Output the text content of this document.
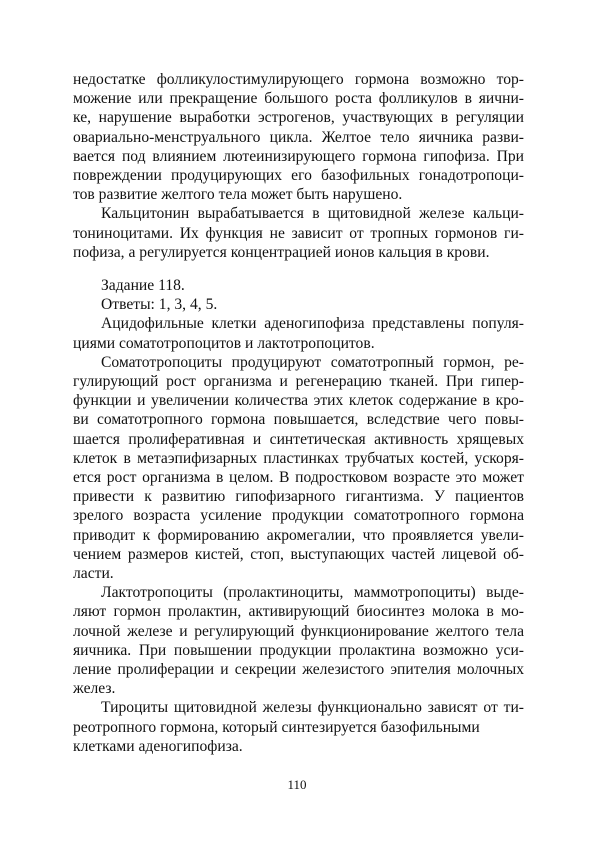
недостатке фолликулостимулирующего гормона возможно тор-
можение или прекращение большого роста фолликулов в яични-
ке, нарушение выработки эстрогенов, участвующих в регуляции
овариально-менструального цикла. Желтое тело яичника разви-
вается под влиянием лютеинизирующего гормона гипофиза. При
повреждении продуцирующих его базофильных гонадотропоци-
тов развитие желтого тела может быть нарушено.
Кальцитонин вырабатывается в щитовидной железе кальци-
тониноцитами. Их функция не зависит от тропных гормонов ги-
пофиза, а регулируется концентрацией ионов кальция в крови.
Задание 118.
Ответы: 1, 3, 4, 5.
Ацидофильные клетки аденогипофиза представлены популя-
циями соматотропоцитов и лактотропоцитов.
Соматотропоциты продуцируют соматотропный гормон, ре-
гулирующий рост организма и регенерацию тканей. При гипер-
функции и увеличении количества этих клеток содержание в кро-
ви соматотропного гормона повышается, вследствие чего повы-
шается пролиферативная и синтетическая активность хрящевых
клеток в метаэпифизарных пластинках трубчатых костей, ускоря-
ется рост организма в целом. В подростковом возрасте это может
привести к развитию гипофизарного гигантизма. У пациентов
зрелого возраста усиление продукции соматотропного гормона
приводит к формированию акромегалии, что проявляется увели-
чением размеров кистей, стоп, выступающих частей лицевой об-
ласти.
Лактотропоциты (пролактиноциты, маммотропоциты) выде-
ляют гормон пролактин, активирующий биосинтез молока в мо-
лочной железе и регулирующий функционирование желтого тела
яичника. При повышении продукции пролактина возможно уси-
ление пролиферации и секреции железистого эпителия молочных
желез.
Тироциты щитовидной железы функционально зависят от ти-
реотропного гормона, который синтезируется базофильными
клетками аденогипофиза.
110
